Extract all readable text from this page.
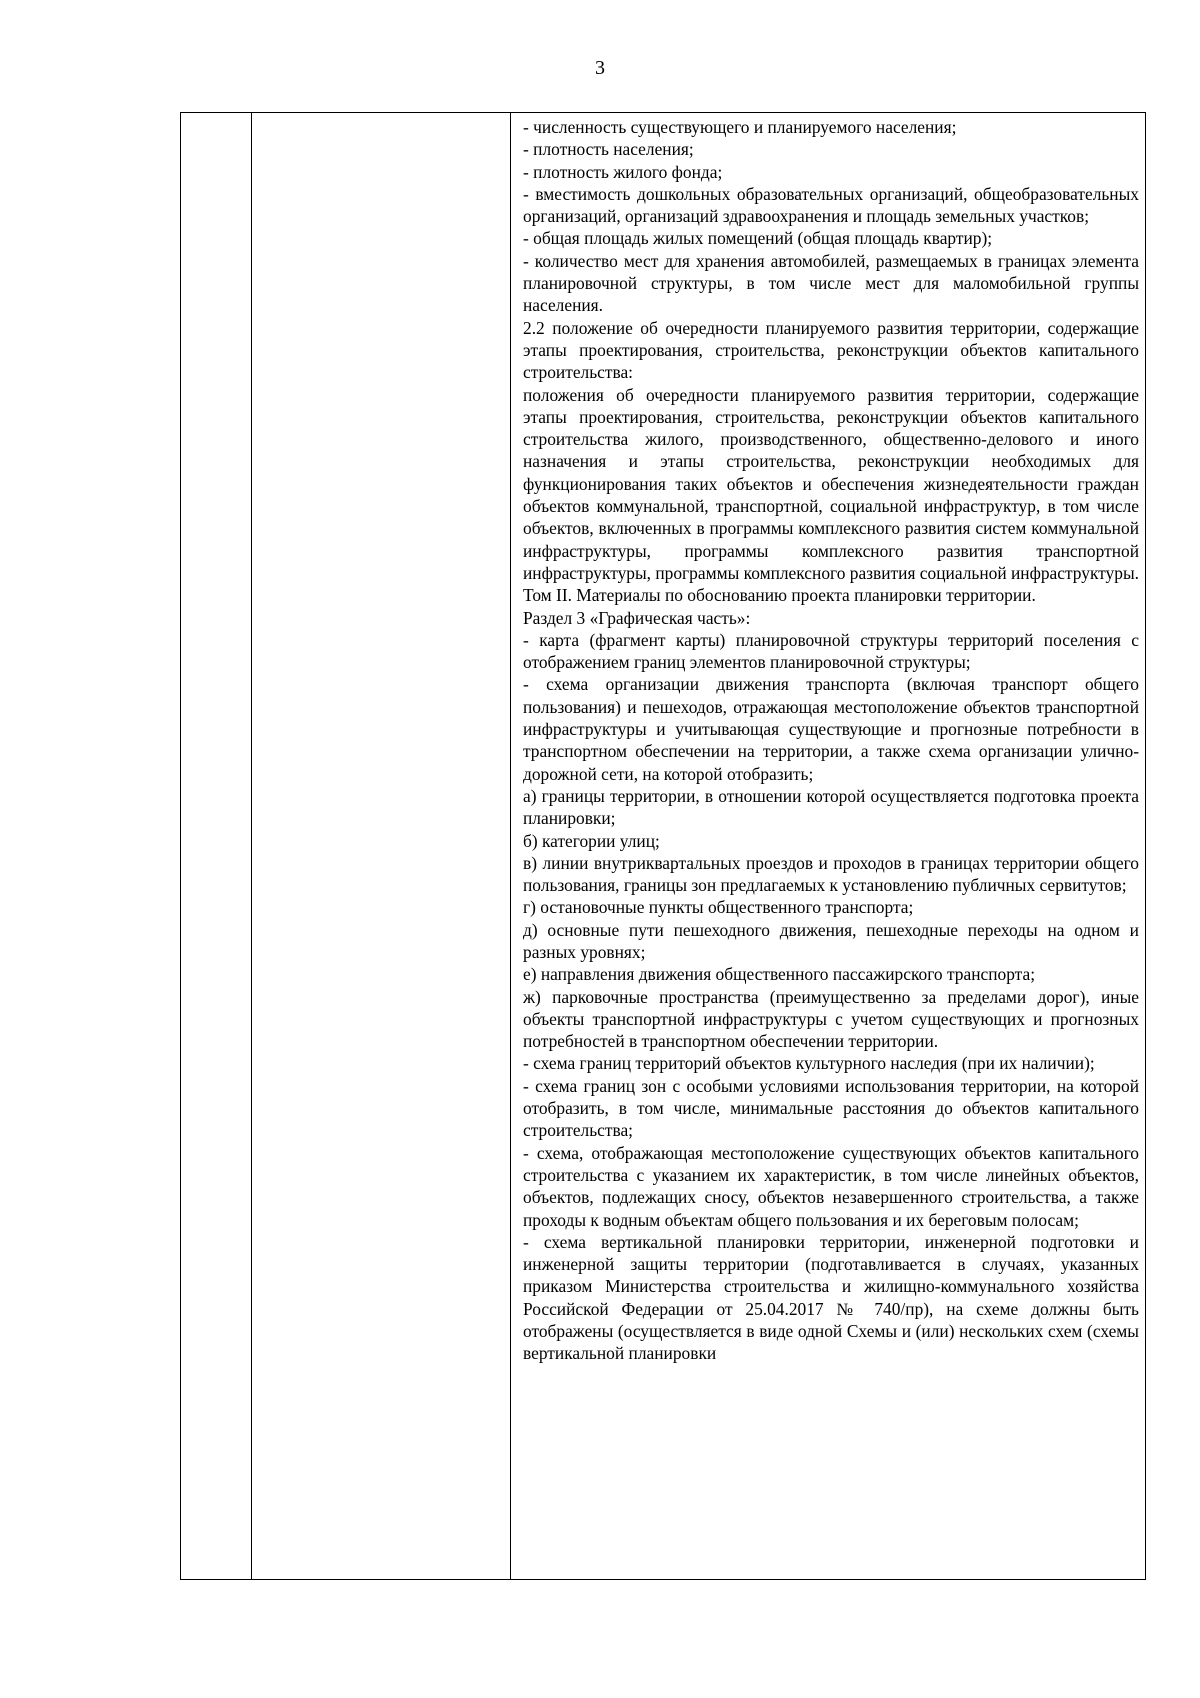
3

- численность существующего и планируемого населения;

- плотность населения;

- плотность жилого фонда;

- вместимость дошкольных образовательных организаций, общеобразовательных организаций, организаций здравоохранения и площадь земельных участков;

- общая площадь жилых помещений (общая площадь квартир);

- количество мест для хранения автомобилей, размещаемых в границах элемента планировочной структуры, в том числе мест для маломобильной группы населения.

2.2 положение об очередности планируемого развития территории, содержащие этапы проектирования, строительства, реконструкции объектов капитального строительства:

положения об очередности планируемого развития территории, содержащие этапы проектирования, строительства, реконструкции объектов капитального строительства жилого, производственного, общественно-делового и иного назначения и этапы строительства, реконструкции необходимых для функционирования таких объектов и обеспечения жизнедеятельности граждан объектов коммунальной, транспортной, социальной инфраструктур, в том числе объектов, включенных в программы комплексного развития систем коммунальной инфраструктуры, программы комплексного развития транспортной инфраструктуры, программы комплексного развития социальной инфраструктуры.

Том II. Материалы по обоснованию проекта планировки территории.

Раздел 3 «Графическая часть»:

- карта (фрагмент карты) планировочной структуры территорий поселения с отображением границ элементов планировочной структуры;

- схема организации движения транспорта (включая транспорт общего пользования) и пешеходов, отражающая местоположение объектов транспортной инфраструктуры и учитывающая существующие и прогнозные потребности в транспортном обеспечении на территории, а также схема организации улично-дорожной сети, на которой отобразить;

а) границы территории, в отношении которой осуществляется подготовка проекта планировки;

б) категории улиц;

в) линии внутриквартальных проездов и проходов в границах территории общего пользования, границы зон предлагаемых к установлению публичных сервитутов;

г) остановочные пункты общественного транспорта;

д) основные пути пешеходного движения, пешеходные переходы на одном и разных уровнях;

е) направления движения общественного пассажирского транспорта;

ж) парковочные пространства (преимущественно за пределами дорог), иные объекты транспортной инфраструктуры с учетом существующих и прогнозных потребностей в транспортном обеспечении территории.

- схема границ территорий объектов культурного наследия (при их наличии);

- схема границ зон с особыми условиями использования территории, на которой отобразить, в том числе, минимальные расстояния до объектов капитального строительства;

- схема, отображающая местоположение существующих объектов капитального строительства с указанием их характеристик, в том числе линейных объектов, объектов, подлежащих сносу, объектов незавершенного строительства, а также проходы к водным объектам общего пользования и их береговым полосам;

- схема вертикальной планировки территории, инженерной подготовки и инженерной защиты территории (подготавливается в случаях, указанных приказом Министерства строительства и жилищно-коммунального хозяйства Российской Федерации от 25.04.2017 № 740/пр), на схеме должны быть отображены (осуществляется в виде одной Схемы и (или) нескольких схем (схемы вертикальной планировки
